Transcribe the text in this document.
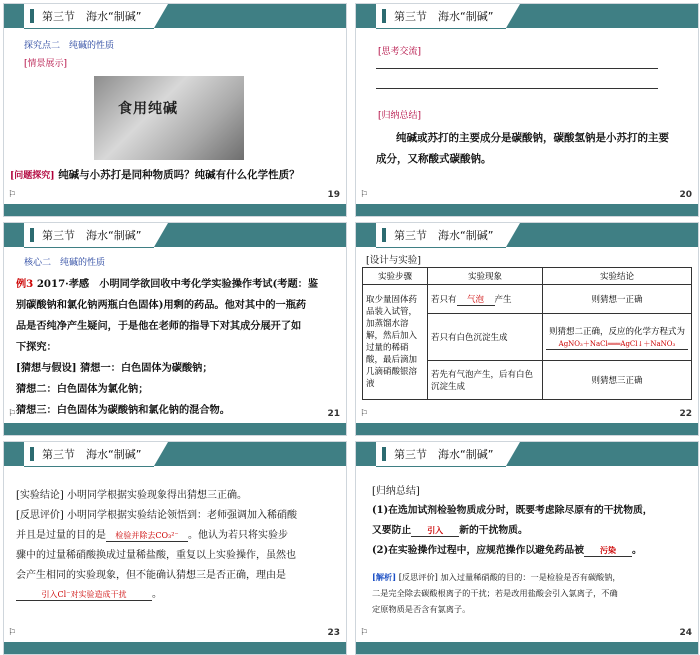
第三节　海水“制碱”
探究点二　纯碱的性质
[情景展示]
食用纯碱
[问题探究] 纯碱与小苏打是同种物质吗？纯碱有什么化学性质？
⚐	19
第三节　海水“制碱”
[思考交流]
[归纳总结]
纯碱或苏打的主要成分是碳酸钠，碳酸氢钠是小苏打的主要
成分，又称酸式碳酸钠。
⚐	20
第三节　海水“制碱”
核心二　纯碱的性质
例3 2017·孝感　小明同学欲回收中考化学实验操作考试(考题：鉴
别碳酸钠和氯化钠两瓶白色固体)用剩的药品。他对其中的一瓶药
品是否纯净产生疑问，于是他在老师的指导下对其成分展开了如
下探究：
[猜想与假设] 猜想一：白色固体为碳酸钠；
猜想二：白色固体为氯化钠；
猜想三：白色固体为碳酸钠和氯化钠的混合物。
⚐	21
第三节　海水“制碱”
[设计与实验]
实验步骤	实验现象	实验结论
取少量固体药品装入试管，加蒸馏水溶解，然后加入过量的稀硝酸，最后滴加几滴硝酸银溶液	若只有 气泡 产生	则猜想一正确
	若只有白色沉淀生成	则猜想二正确，反应的化学方程式为
AgNO₃＋NaCl═══AgCl↓＋NaNO₃

	若先有气泡产生，后有白色沉淀生成	则猜想三正确
⚐	22
第三节　海水“制碱”
[实验结论] 小明同学根据实验现象得出猜想三正确。
[反思评价] 小明同学根据实验结论领悟到：老师强调加入稀硝酸
并且是过量的目的是 检验并除去CO₃²⁻ 。他认为若只将实验步
骤中的过量稀硝酸换成过量稀盐酸，重复以上实验操作，虽然也
会产生相同的实验现象，但不能确认猜想三是否正确，理由是
引入Cl⁻对实验造成干扰	。
⚐	23
第三节　海水“制碱”
[归纳总结]
(1)在选加试剂检验物质成分时，既要考虑除尽原有的干扰物质，
又要防止 引入 新的干扰物质。
(2)在实验操作过程中，应规范操作以避免药品被 污染 。
[解析] [反思评价] 加入过量稀硝酸的目的：一是检验是否有碳酸钠，
二是完全除去碳酸根离子的干扰；若是改用盐酸会引入氯离子，不确
定原物质是否含有氯离子。
⚐	24
